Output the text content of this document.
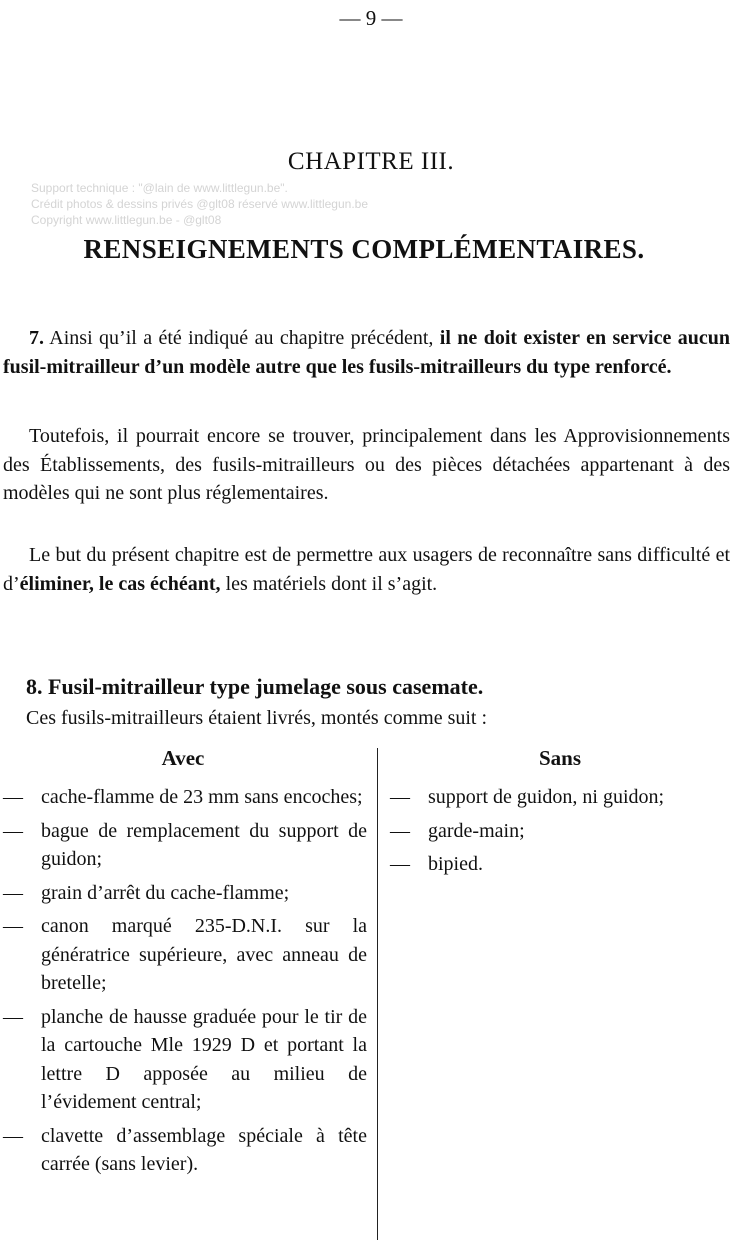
— 9 —
CHAPITRE III.
Support technique : "@lain de www.littlegun.be".
Crédit photos & dessins privés @glt08 réservé www.littlegun.be
Copyright www.littlegun.be - @glt08
RENSEIGNEMENTS COMPLÉMENTAIRES.

7. Ainsi qu’il a été indiqué au chapitre précédent, il ne doit exister en service aucun fusil-mitrailleur d’un modèle autre que les fusils-mitrailleurs du type renforcé.

Toutefois, il pourrait encore se trouver, principalement dans les Approvisionnements des Établissements, des fusils-mitrailleurs ou des pièces détachées appartenant à des modèles qui ne sont plus réglementaires.

Le but du présent chapitre est de permettre aux usagers de reconnaître sans difficulté et d’éliminer, le cas échéant, les matériels dont il s’agit.

8. Fusil-mitrailleur type jumelage sous casemate.
Ces fusils-mitrailleurs étaient livrés, montés comme suit :
Avec	Sans
— cache-flamme de 23 mm sans encoches;
— bague de remplacement du support de guidon;
— grain d’arrêt du cache-flamme;
— canon marqué 235-D.N.I. sur la génératrice supérieure, avec anneau de bretelle;
— planche de hausse graduée pour le tir de la cartouche Mle 1929 D et portant la lettre D apposée au milieu de l’évidement central;
— clavette d’assemblage spéciale à tête carrée (sans levier).
— support de guidon, ni guidon;
— garde-main;
— bipied.
